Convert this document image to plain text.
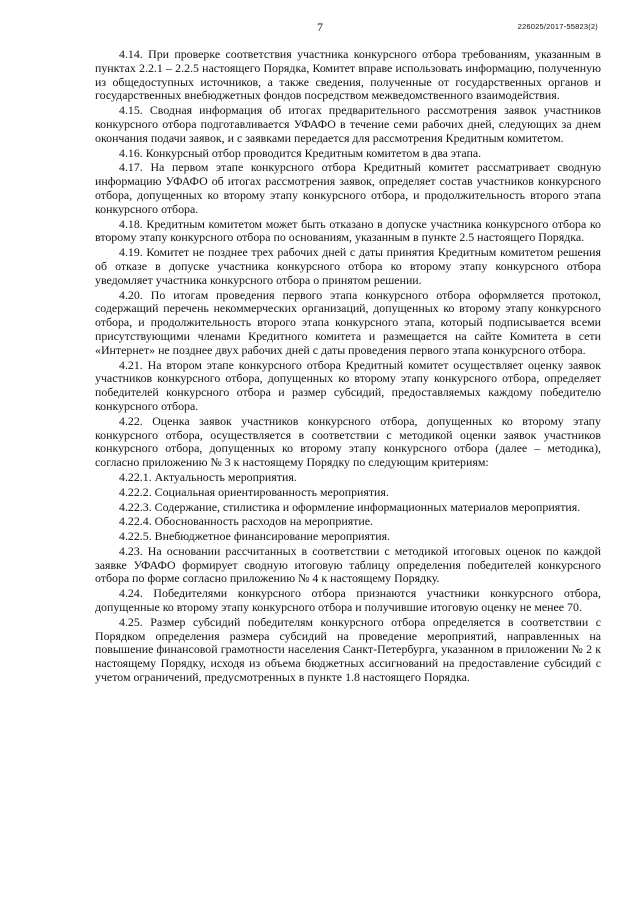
7	226025/2017-55823(2)

4.14. При проверке соответствия участника конкурсного отбора требованиям, указанным в пунктах 2.2.1 – 2.2.5 настоящего Порядка, Комитет вправе использовать информацию, полученную из общедоступных источников, а также сведения, полученные от государственных органов и государственных внебюджетных фондов посредством межведомственного взаимодействия.

4.15. Сводная информация об итогах предварительного рассмотрения заявок участников конкурсного отбора подготавливается УФАФО в течение семи рабочих дней, следующих за днем окончания подачи заявок, и с заявками передается для рассмотрения Кредитным комитетом.

4.16. Конкурсный отбор проводится Кредитным комитетом в два этапа.

4.17. На первом этапе конкурсного отбора Кредитный комитет рассматривает сводную информацию УФАФО об итогах рассмотрения заявок, определяет состав участников конкурсного отбора, допущенных ко второму этапу конкурсного отбора, и продолжительность второго этапа конкурсного отбора.

4.18. Кредитным комитетом может быть отказано в допуске участника конкурсного отбора ко второму этапу конкурсного отбора по основаниям, указанным в пункте 2.5 настоящего Порядка.

4.19. Комитет не позднее трех рабочих дней с даты принятия Кредитным комитетом решения об отказе в допуске участника конкурсного отбора ко второму этапу конкурсного отбора уведомляет участника конкурсного отбора о принятом решении.

4.20. По итогам проведения первого этапа конкурсного отбора оформляется протокол, содержащий перечень некоммерческих организаций, допущенных ко второму этапу конкурсного отбора, и продолжительность второго этапа конкурсного этапа, который подписывается всеми присутствующими членами Кредитного комитета и размещается на сайте Комитета в сети «Интернет» не позднее двух рабочих дней с даты проведения первого этапа конкурсного отбора.

4.21. На втором этапе конкурсного отбора Кредитный комитет осуществляет оценку заявок участников конкурсного отбора, допущенных ко второму этапу конкурсного отбора, определяет победителей конкурсного отбора и размер субсидий, предоставляемых каждому победителю конкурсного отбора.

4.22. Оценка заявок участников конкурсного отбора, допущенных ко второму этапу конкурсного отбора, осуществляется в соответствии с методикой оценки заявок участников конкурсного отбора, допущенных ко второму этапу конкурсного отбора (далее – методика), согласно приложению № 3 к настоящему Порядку по следующим критериям:

4.22.1. Актуальность мероприятия.

4.22.2. Социальная ориентированность мероприятия.

4.22.3. Содержание, стилистика и оформление информационных материалов мероприятия.

4.22.4. Обоснованность расходов на мероприятие.

4.22.5. Внебюджетное финансирование мероприятия.

4.23. На основании рассчитанных в соответствии с методикой итоговых оценок по каждой заявке УФАФО формирует сводную итоговую таблицу определения победителей конкурсного отбора по форме согласно приложению № 4 к настоящему Порядку.

4.24. Победителями конкурсного отбора признаются участники конкурсного отбора, допущенные ко второму этапу конкурсного отбора и получившие итоговую оценку не менее 70.

4.25. Размер субсидий победителям конкурсного отбора определяется в соответствии с Порядком определения размера субсидий на проведение мероприятий, направленных на повышение финансовой грамотности населения Санкт-Петербурга, указанном в приложении № 2 к настоящему Порядку, исходя из объема бюджетных ассигнований на предоставление субсидий с учетом ограничений, предусмотренных в пункте 1.8 настоящего Порядка.
